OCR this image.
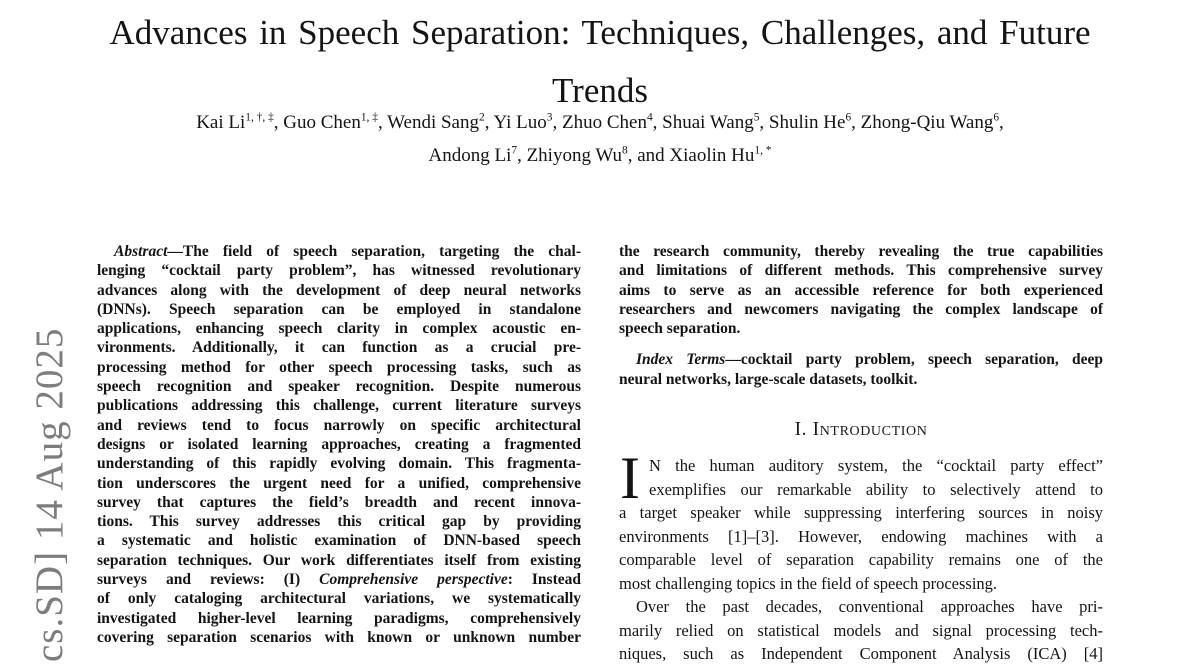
cs.SD] 14 Aug 2025
Advances in Speech Separation: Techniques, Challenges, and Future
Trends
Kai $Li^{1, \dagger, \ddagger}$, Guo Chen$^{1, \ddagger}$, Wendi Sang$^2$, Yi Luo$^3$, Zhuo Chen$^4$, Shuai Wang$^5$, Shulin He$^6$, Zhong-Qiu Wang$^6$,
Andong Li$^7$, Zhiyong Wu$^8$, and Xiaolin $Hu^{1, *}$
Abstract—The field of speech separation, targeting the chal-
lenging “cocktail party problem”, has witnessed revolutionary
advances along with the development of deep neural networks
(DNNs). Speech separation can be employed in standalone
applications, enhancing speech clarity in complex acoustic en-
vironments. Additionally, it can function as a crucial pre-
processing method for other speech processing tasks, such as
speech recognition and speaker recognition. Despite numerous
publications addressing this challenge, current literature surveys
and reviews tend to focus narrowly on specific architectural
designs or isolated learning approaches, creating a fragmented
understanding of this rapidly evolving domain. This fragmenta-
tion underscores the urgent need for a unified, comprehensive
survey that captures the field’s breadth and recent innova-
tions. This survey addresses this critical gap by providing
a systematic and holistic examination of DNN-based speech
separation techniques. Our work differentiates itself from existing
surveys and reviews: (I) Comprehensive perspective: Instead
of only cataloging architectural variations, we systematically
investigated higher-level learning paradigms, comprehensively
covering separation scenarios with known or unknown number
the research community, thereby revealing the true capabilities
and limitations of different methods. This comprehensive survey
aims to serve as an accessible reference for both experienced
researchers and newcomers navigating the complex landscape of
speech separation.
Index Terms—cocktail party problem, speech separation, deep
neural networks, large-scale datasets, toolkit.
I. Introduction
I N the human auditory system, the “cocktail party effect”
exemplifies our remarkable ability to selectively attend to
a target speaker while suppressing interfering sources in noisy
environments [1]–[3]. However, endowing machines with a
comparable level of separation capability remains one of the
most challenging topics in the field of speech processing.
Over the past decades, conventional approaches have pri-
marily relied on statistical models and signal processing tech-
niques, such as Independent Component Analysis (ICA) [4]
